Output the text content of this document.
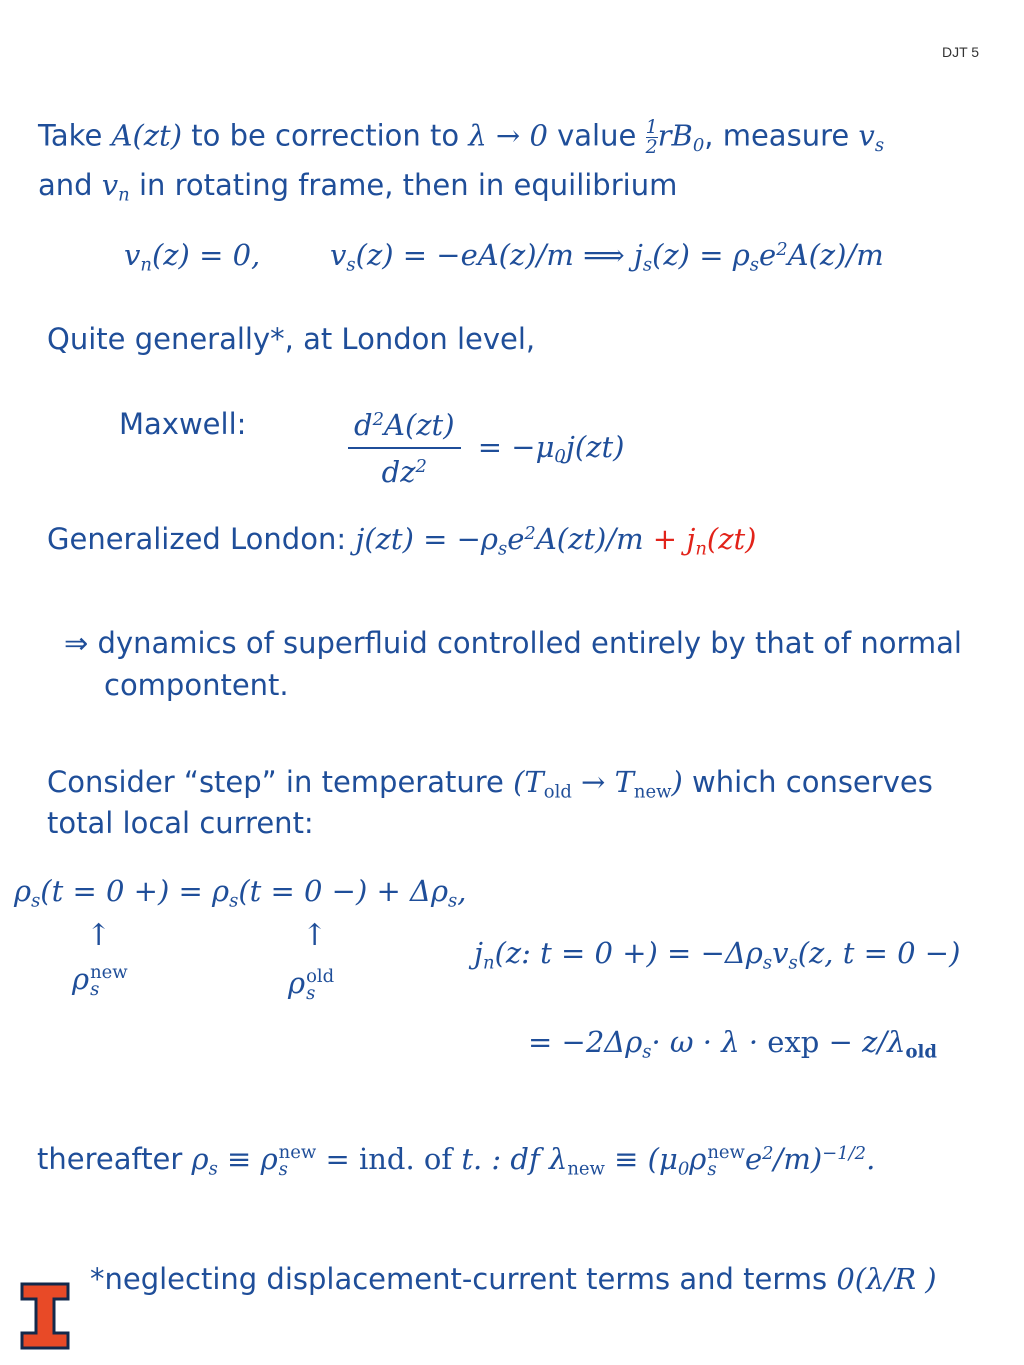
DJT 5
Take A(zt) to be correction to λ → 0 value $\frac{1}{2} rB_0$, measure $v_s$
and $v_n$ in rotating frame, then in equilibrium
$v_n(z) = 0$, $v_s(z) = -eA(z)/m$ ⟹ $j_s(z) = \rho_se^2A(z)/m$
Quite generally*, at London level,
Maxwell:	$\frac{d^2A(zt)}{dz^2} = -\mu_0j(zt)$
Generalized London: $j(zt) = -\rho_se^2A(zt)/m + j_n(zt)$
⇒ dynamics of superfluid controlled entirely by that of normal
compontent.
Consider “step” in temperature $(T_{old} \to T_{new})$ which conserves
total local current:
$\rho_s(t = 0$ +) = $\rho_s(t = 0$ −) + $\Delta\rho_s$,
↑	↑
ρ new
s	ρ old
s
$j_n(z$: t = 0 +) = $-\Delta\rho_sv_s(z$, t = 0 −)
= $-2\Delta\rho_s\cdot \omega \cdot \lambda \cdot \exp - z/\lambda_{old}$
thereafter $\rho_s \equiv \rho$ new
s = ind. of t. : df $\lambda_{new} \equiv (\mu_0\rho$ new
s $e^2/m)^{-1/2}$.
*neglecting displacement-current terms and terms 0(λ/R )
